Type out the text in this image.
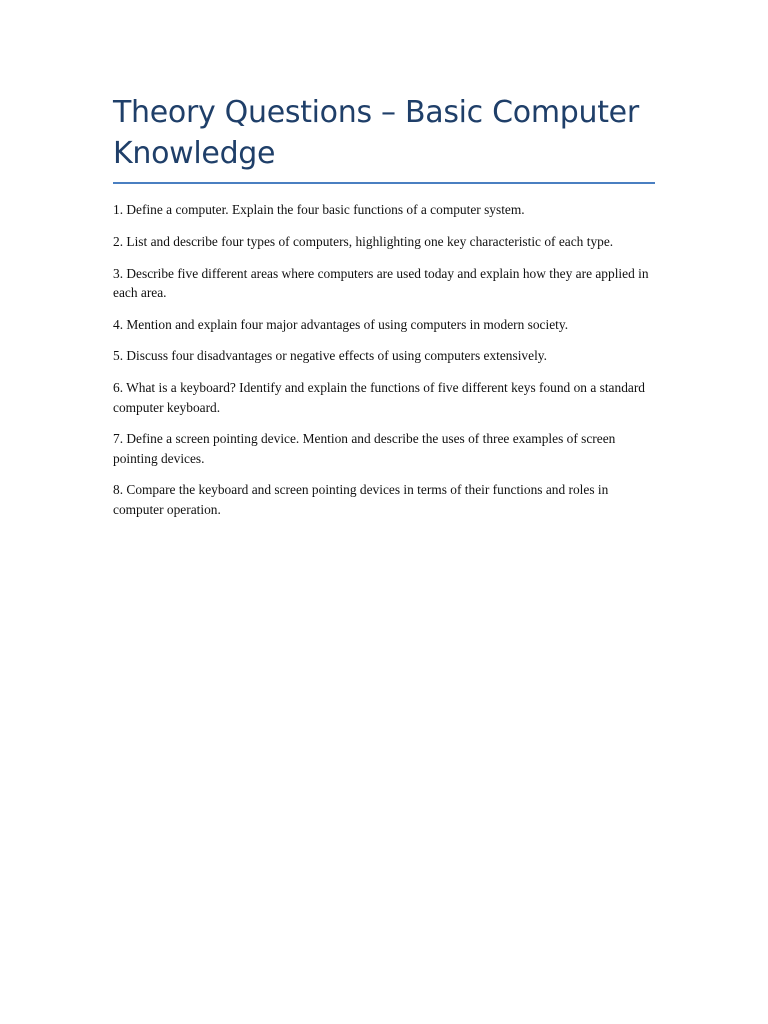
Theory Questions – Basic Computer Knowledge

1. Define a computer. Explain the four basic functions of a computer system.

2. List and describe four types of computers, highlighting one key characteristic of each type.

3. Describe five different areas where computers are used today and explain how they are applied in each area.

4. Mention and explain four major advantages of using computers in modern society.

5. Discuss four disadvantages or negative effects of using computers extensively.

6. What is a keyboard? Identify and explain the functions of five different keys found on a standard computer keyboard.

7. Define a screen pointing device. Mention and describe the uses of three examples of screen pointing devices.

8. Compare the keyboard and screen pointing devices in terms of their functions and roles in computer operation.
